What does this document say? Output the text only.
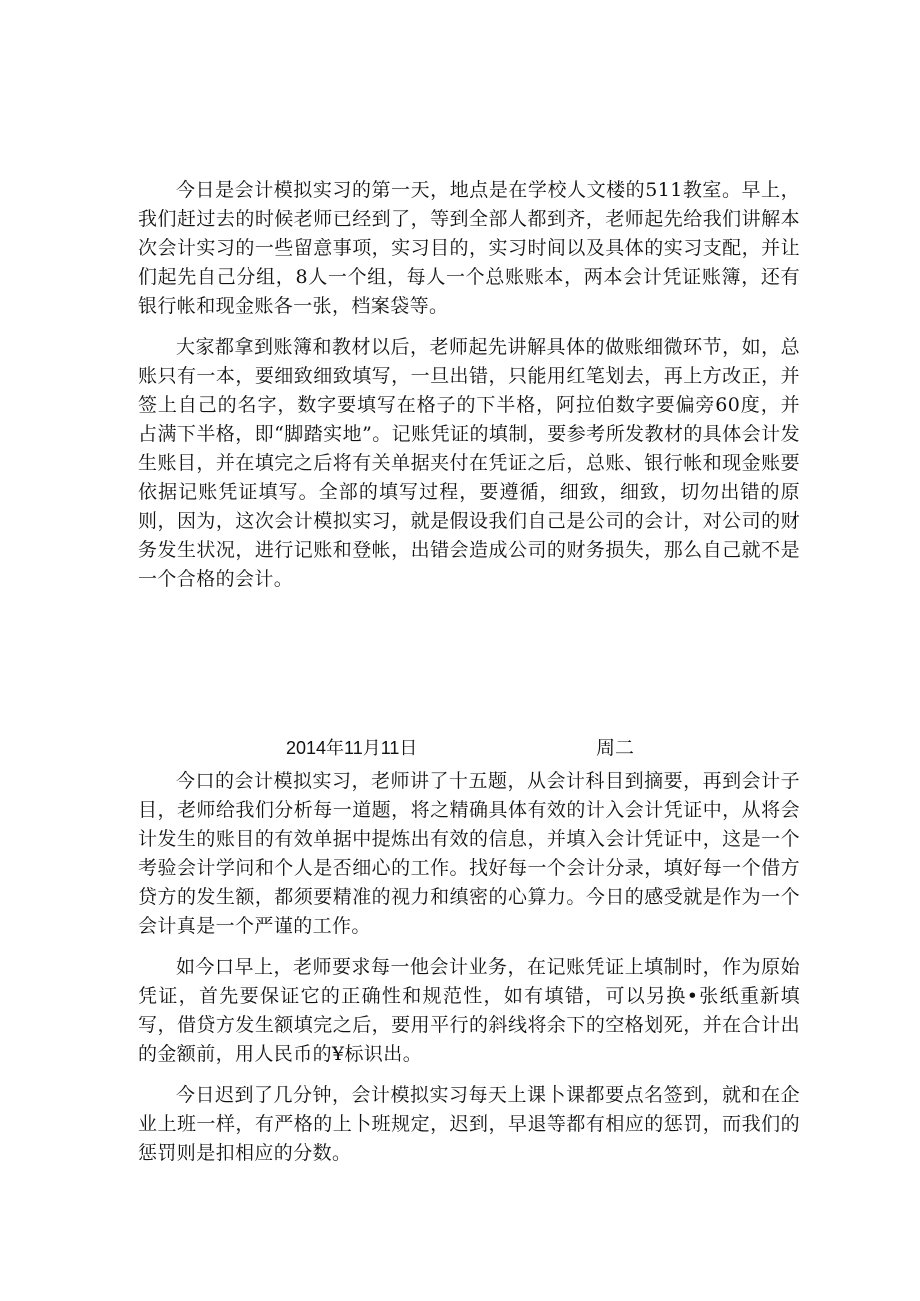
今日是会计模拟实习的第一天，地点是在学校人文楼的511教室。早上，我们赶过去的时候老师已经到了，等到全部人都到齐，老师起先给我们讲解本次会计实习的一些留意事项，实习目的，实习时间以及具体的实习支配，并让们起先自己分组，8人一个组，每人一个总账账本，两本会计凭证账簿，还有银行帐和现金账各一张，档案袋等。

大家都拿到账簿和教材以后，老师起先讲解具体的做账细微环节，如，总账只有一本，要细致细致填写，一旦出错，只能用红笔划去，再上方改正，并签上自己的名字，数字要填写在格子的下半格，阿拉伯数字要偏旁60度，并占满下半格，即“脚踏实地”。记账凭证的填制，要参考所发教材的具体会计发生账目，并在填完之后将有关单据夹付在凭证之后，总账、银行帐和现金账要依据记账凭证填写。全部的填写过程，要遵循，细致，细致，切勿出错的原则，因为，这次会计模拟实习，就是假设我们自己是公司的会计，对公司的财务发生状况，进行记账和登帐，出错会造成公司的财务损失，那么自己就不是一个合格的会计。

2014年11月11日	周二

今口的会计模拟实习，老师讲了十五题，从会计科目到摘要，再到会计子目，老师给我们分析每一道题，将之精确具体有效的计入会计凭证中，从将会计发生的账目的有效单据中提炼出有效的信息，并填入会计凭证中，这是一个考验会计学问和个人是否细心的工作。找好每一个会计分录，填好每一个借方贷方的发生额，都须要精准的视力和缜密的心算力。今日的感受就是作为一个会计真是一个严谨的工作。

如今口早上，老师要求每一他会计业务，在记账凭证上填制时，作为原始凭证，首先要保证它的正确性和规范性，如有填错，可以另换•张纸重新填写，借贷方发生额填完之后，要用平行的斜线将余下的空格划死，并在合计出的金额前，用人民币的¥标识出。

今日迟到了几分钟，会计模拟实习每天上课卜课都要点名签到，就和在企业上班一样，有严格的上卜班规定，迟到，早退等都有相应的惩罚，而我们的惩罚则是扣相应的分数。
